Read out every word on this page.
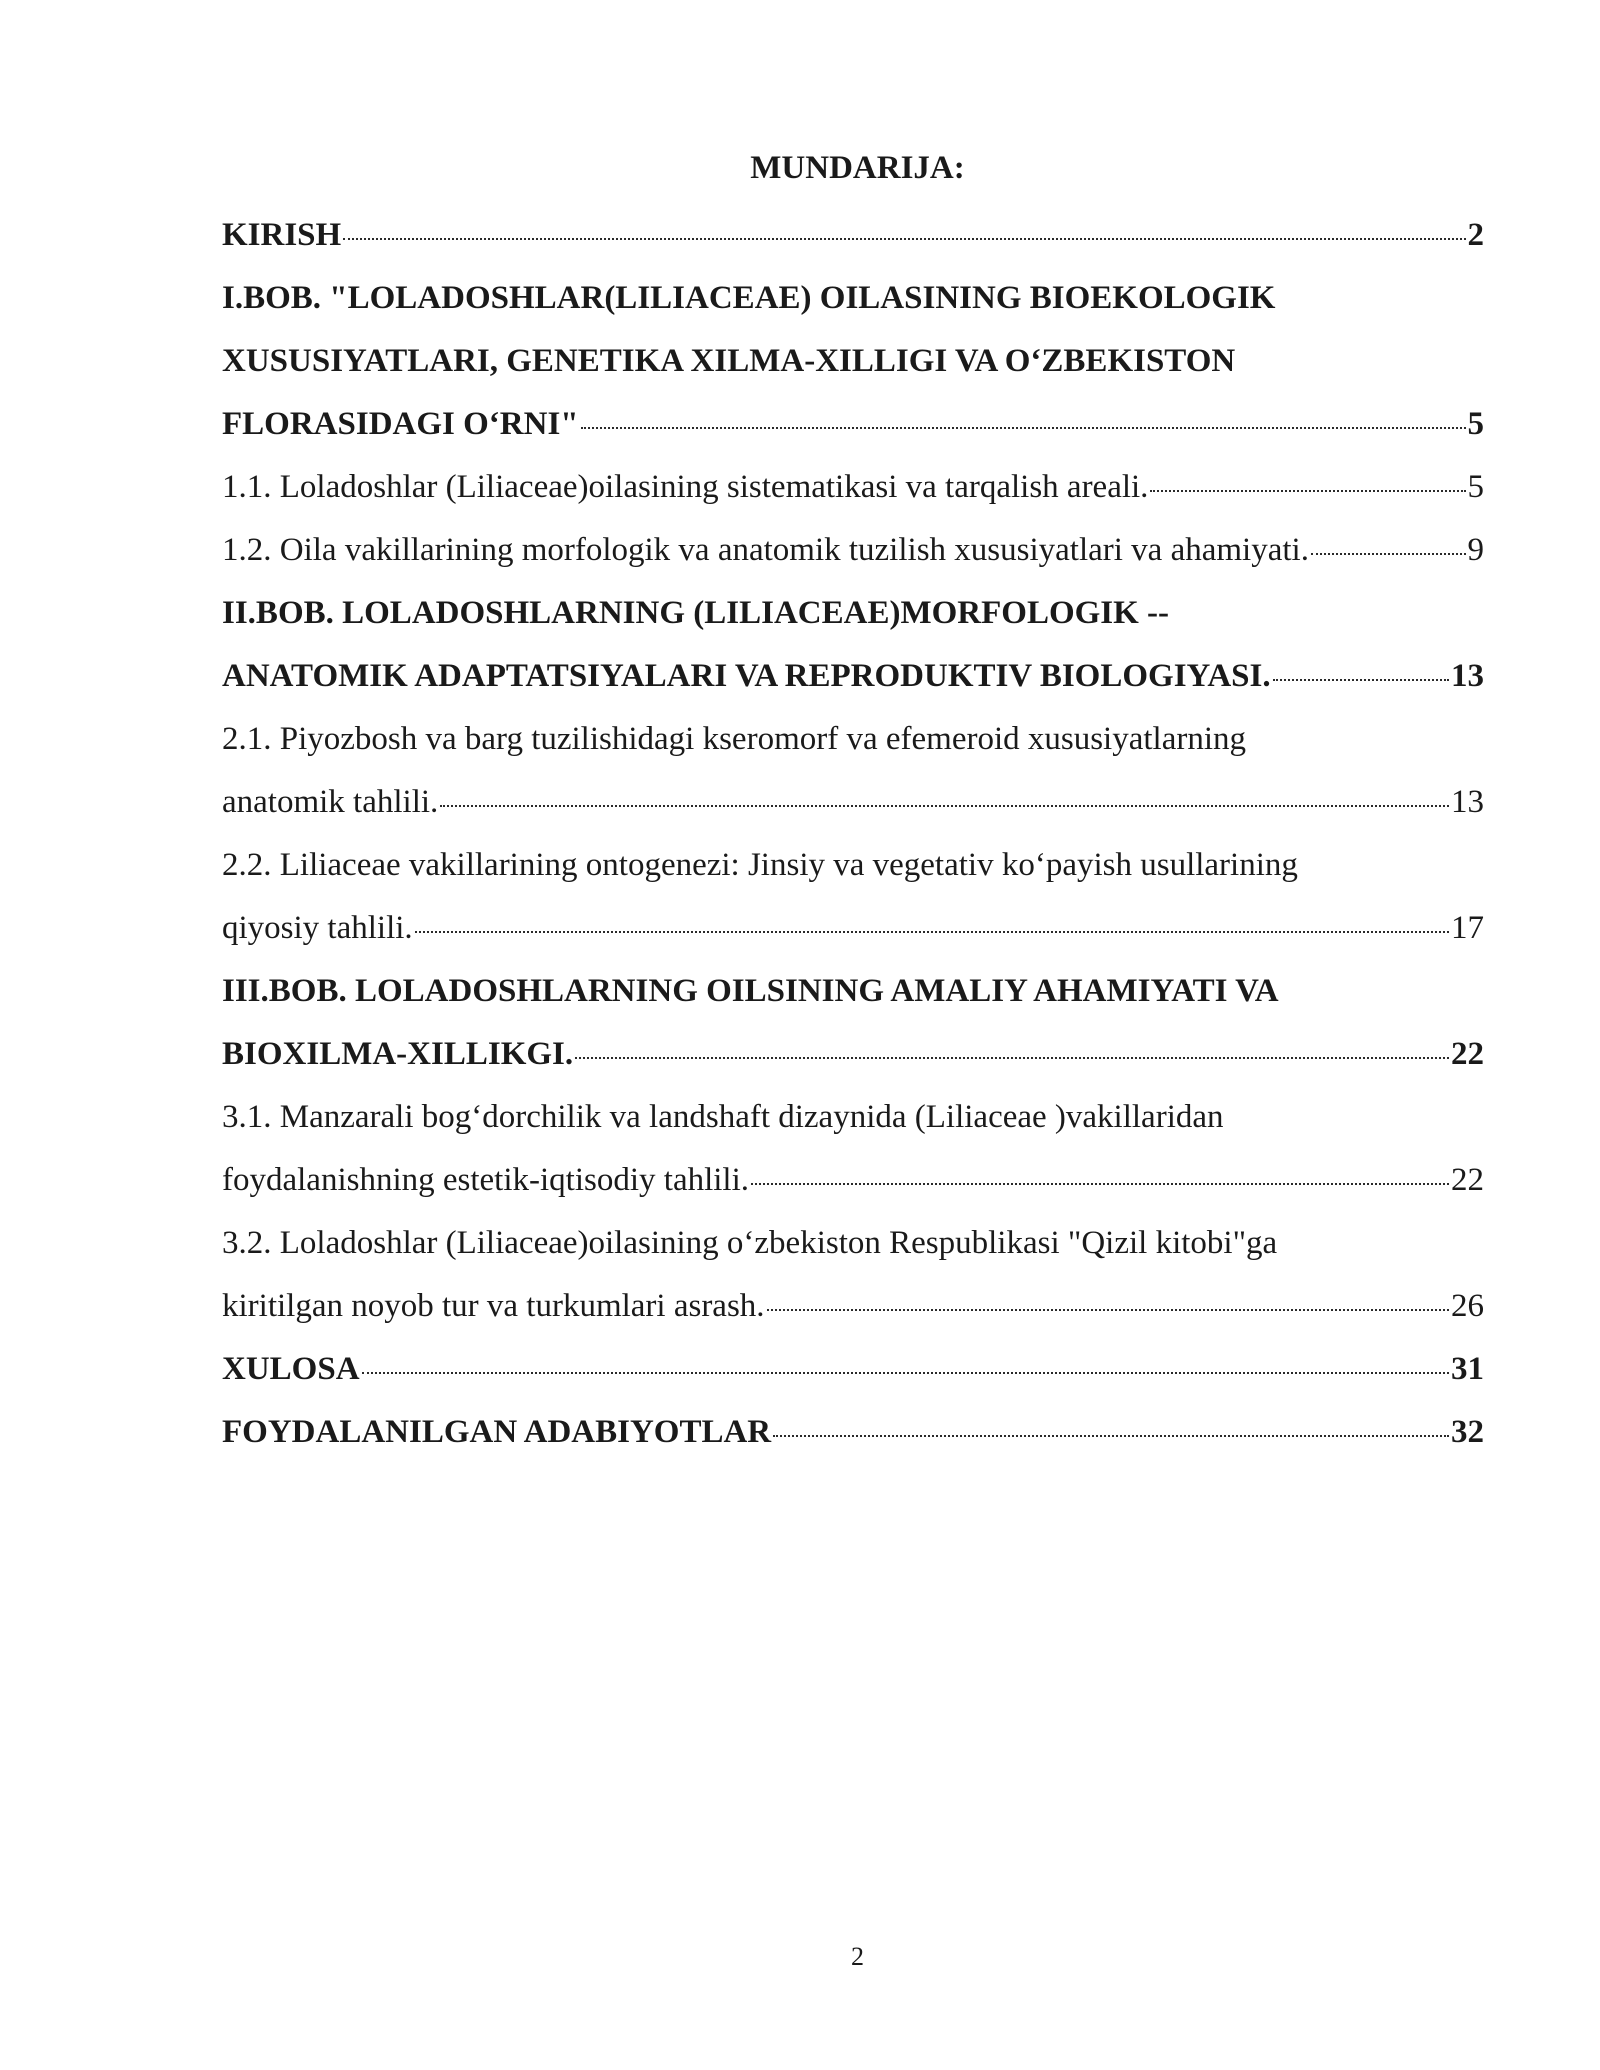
MUNDARIJA:
KIRISH	2
I.BOB. "LOLADOSHLAR(LILIACEAE) OILASINING BIOEKOLOGIK
XUSUSIYATLARI, GENETIKA XILMA-XILLIGI VA O‘ZBEKISTON
FLORASIDAGI O‘RNI"	5
1.1. Loladoshlar (Liliaceae)oilasining sistematikasi va tarqalish areali.	5
1.2. Oila vakillarining morfologik va anatomik tuzilish xususiyatlari va ahamiyati.	9
II.BOB. LOLADOSHLARNING (LILIACEAE)MORFOLOGIK --
ANATOMIK ADAPTATSIYALARI VA REPRODUKTIV BIOLOGIYASI.	13
2.1. Piyozbosh va barg tuzilishidagi kseromorf va efemeroid xususiyatlarning
anatomik tahlili.	13
2.2. Liliaceae vakillarining ontogenezi: Jinsiy va vegetativ ko‘payish usullarining
qiyosiy tahlili.	17
III.BOB. LOLADOSHLARNING OILSINING AMALIY AHAMIYATI VA
BIOXILMA-XILLIKGI.	22
3.1. Manzarali bog‘dorchilik va landshaft dizaynida (Liliaceae )vakillaridan
foydalanishning estetik-iqtisodiy tahlili.	22
3.2. Loladoshlar (Liliaceae)oilasining o‘zbekiston Respublikasi "Qizil kitobi"ga
kiritilgan noyob tur va turkumlari asrash.	26
XULOSA	31
FOYDALANILGAN ADABIYOTLAR	32
2
